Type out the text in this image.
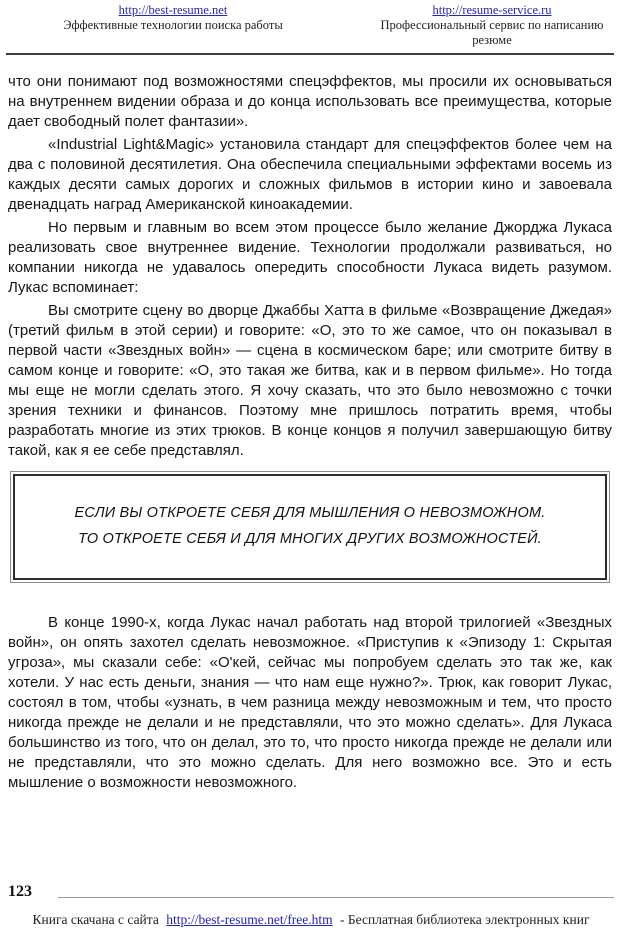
http://best-resume.net
Эффективные технологии поиска работы
http://resume-service.ru
Профессиональный сервис по написанию резюме

что они понимают под возможностями спецэффектов, мы просили их основываться на внутреннем видении образа и до конца использовать все преимущества, которые дает свободный полет фантазии».

«Industrial Light&Magic» установила стандарт для спецэффектов более чем на два с половиной десятилетия. Она обеспечила специальными эффектами восемь из каждых десяти самых дорогих и сложных фильмов в истории кино и завоевала двенадцать наград Американской киноакадемии.

Но первым и главным во всем этом процессе было желание Джорджа Лукаса реализовать свое внутреннее видение. Технологии продолжали развиваться, но компании никогда не удавалось опередить способности Лукаса видеть разумом. Лукас вспоминает:

Вы смотрите сцену во дворце Джаббы Хатта в фильме «Возвращение Джедая» (третий фильм в этой серии) и говорите: «О, это то же самое, что он показывал в первой части «Звездных войн» — сцена в космическом баре; или смотрите битву в самом конце и говорите: «О, это такая же битва, как и в первом фильме». Но тогда мы еще не могли сделать этого. Я хочу сказать, что это было невозможно с точки зрения техники и финансов. Поэтому мне пришлось потратить время, чтобы разработать многие из этих трюков. В конце концов я получил завершающую битву такой, как я ее себе представлял.

ЕСЛИ ВЫ ОТКРОЕТЕ СЕБЯ ДЛЯ МЫШЛЕНИЯ О НЕВОЗМОЖНОМ.
ТО ОТКРОЕТЕ СЕБЯ И ДЛЯ МНОГИХ ДРУГИХ ВОЗМОЖНОСТЕЙ.

В конце 1990-х, когда Лукас начал работать над второй трилогией «Звездных войн», он опять захотел сделать невозможное. «Приступив к «Эпизоду 1: Скрытая угроза», мы сказали себе: «О'кей, сейчас мы попробуем сделать это так же, как хотели. У нас есть деньги, знания — что нам еще нужно?». Трюк, как говорит Лукас, состоял в том, чтобы «узнать, в чем разница между невозможным и тем, что просто никогда прежде не делали и не представляли, что это можно сделать». Для Лукаса большинство из того, что он делал, это то, что просто никогда прежде не делали или не представляли, что это можно сделать. Для него возможно все. Это и есть мышление о возможности невозможного.

123
Книга скачана с сайта http://best-resume.net/free.htm - Бесплатная библиотека электронных книг
